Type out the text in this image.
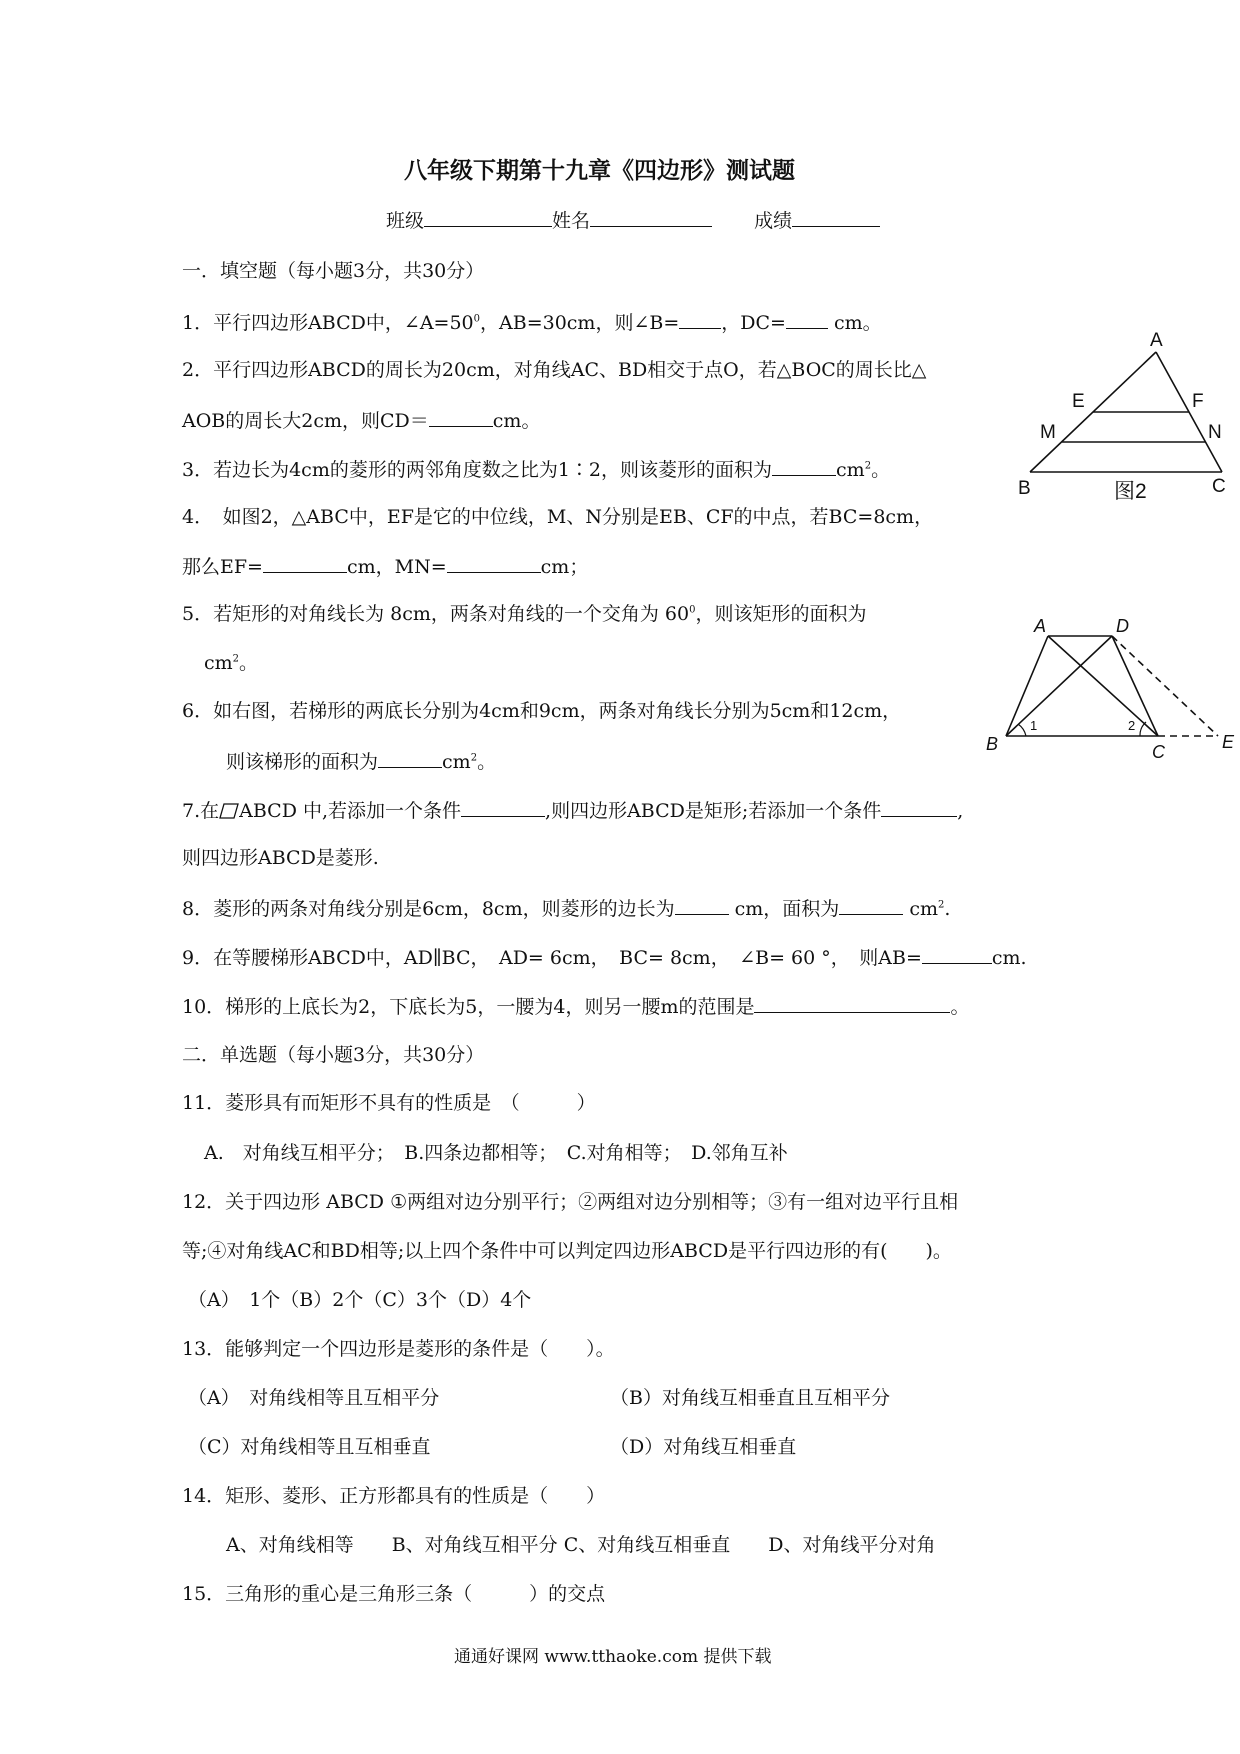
八年级下期第十九章《四边形》测试题
班级	姓名	成绩
一．填空题（每小题3分，共30分）
1．平行四边形ABCD中，$\angle A=50^0$，AB=30cm，则∠B= ，DC= cm。
2．平行四边形ABCD的周长为20cm，对角线AC、BD相交于点O，若△BOC的周长比△
AOB的周长大2cm，则CD＝	cm。
3．若边长为4cm的菱形的两邻角度数之比为1∶2，则该菱形的面积为	$cm^2$。
4．　如图2，△ABC中，EF是它的中位线，M、N分别是EB、CF的中点，若BC=8cm，
那么EF=	cm，MN=	cm；
5．若矩形的对角线长为 8cm，两条对角线的一个交角为 $60^0$，则该矩形的面积为
$cm^2$。
6．如右图，若梯形的两底长分别为4cm和9cm，两条对角线长分别为5cm和12cm，
则该梯形的面积为	$cm^2$。
7.在 ABCD 中,若添加一个条件	,则四边形ABCD是矩形;若添加一个条件	,
则四边形ABCD是菱形.
8．菱形的两条对角线分别是6cm，8cm，则菱形的边长为	cm，面积为	$cm^2$.
9．在等腰梯形ABCD中，AD∥BC，　AD= 6cm，　BC= 8cm，　∠B= 60 °，　则AB=	cm.
10．梯形的上底长为2，下底长为5，一腰为4，则另一腰m的范围是	。
二．单选题（每小题3分，共30分）
11．菱形具有而矩形不具有的性质是　（　　　）
A.　对角线互相平分；　B.四条边都相等；　C.对角相等；　D.邻角互补
12．关于四边形 ABCD ①两组对边分别平行；②两组对边分别相等；③有一组对边平行且相
等;④对角线AC和BD相等;以上四个条件中可以判定四边形ABCD是平行四边形的有(　　)。
（A）　1个（B）2个（C）3个（D）4个
13．能够判定一个四边形是菱形的条件是（　　）。
（A）　对角线相等且互相平分	（B）对角线互相垂直且互相平分
（C）对角线相等且互相垂直	（D）对角线互相垂直
14．矩形、菱形、正方形都具有的性质是（　　）
A、对角线相等　　B、对角线互相平分 C、对角线互相垂直　　D、对角线平分对角
15．三角形的重心是三角形三条（　　　）的交点
通通好课网 www.tthaoke.com 提供下载
A
E	F
M	N
B	C
图2
A	D
B	C	E
1	2
